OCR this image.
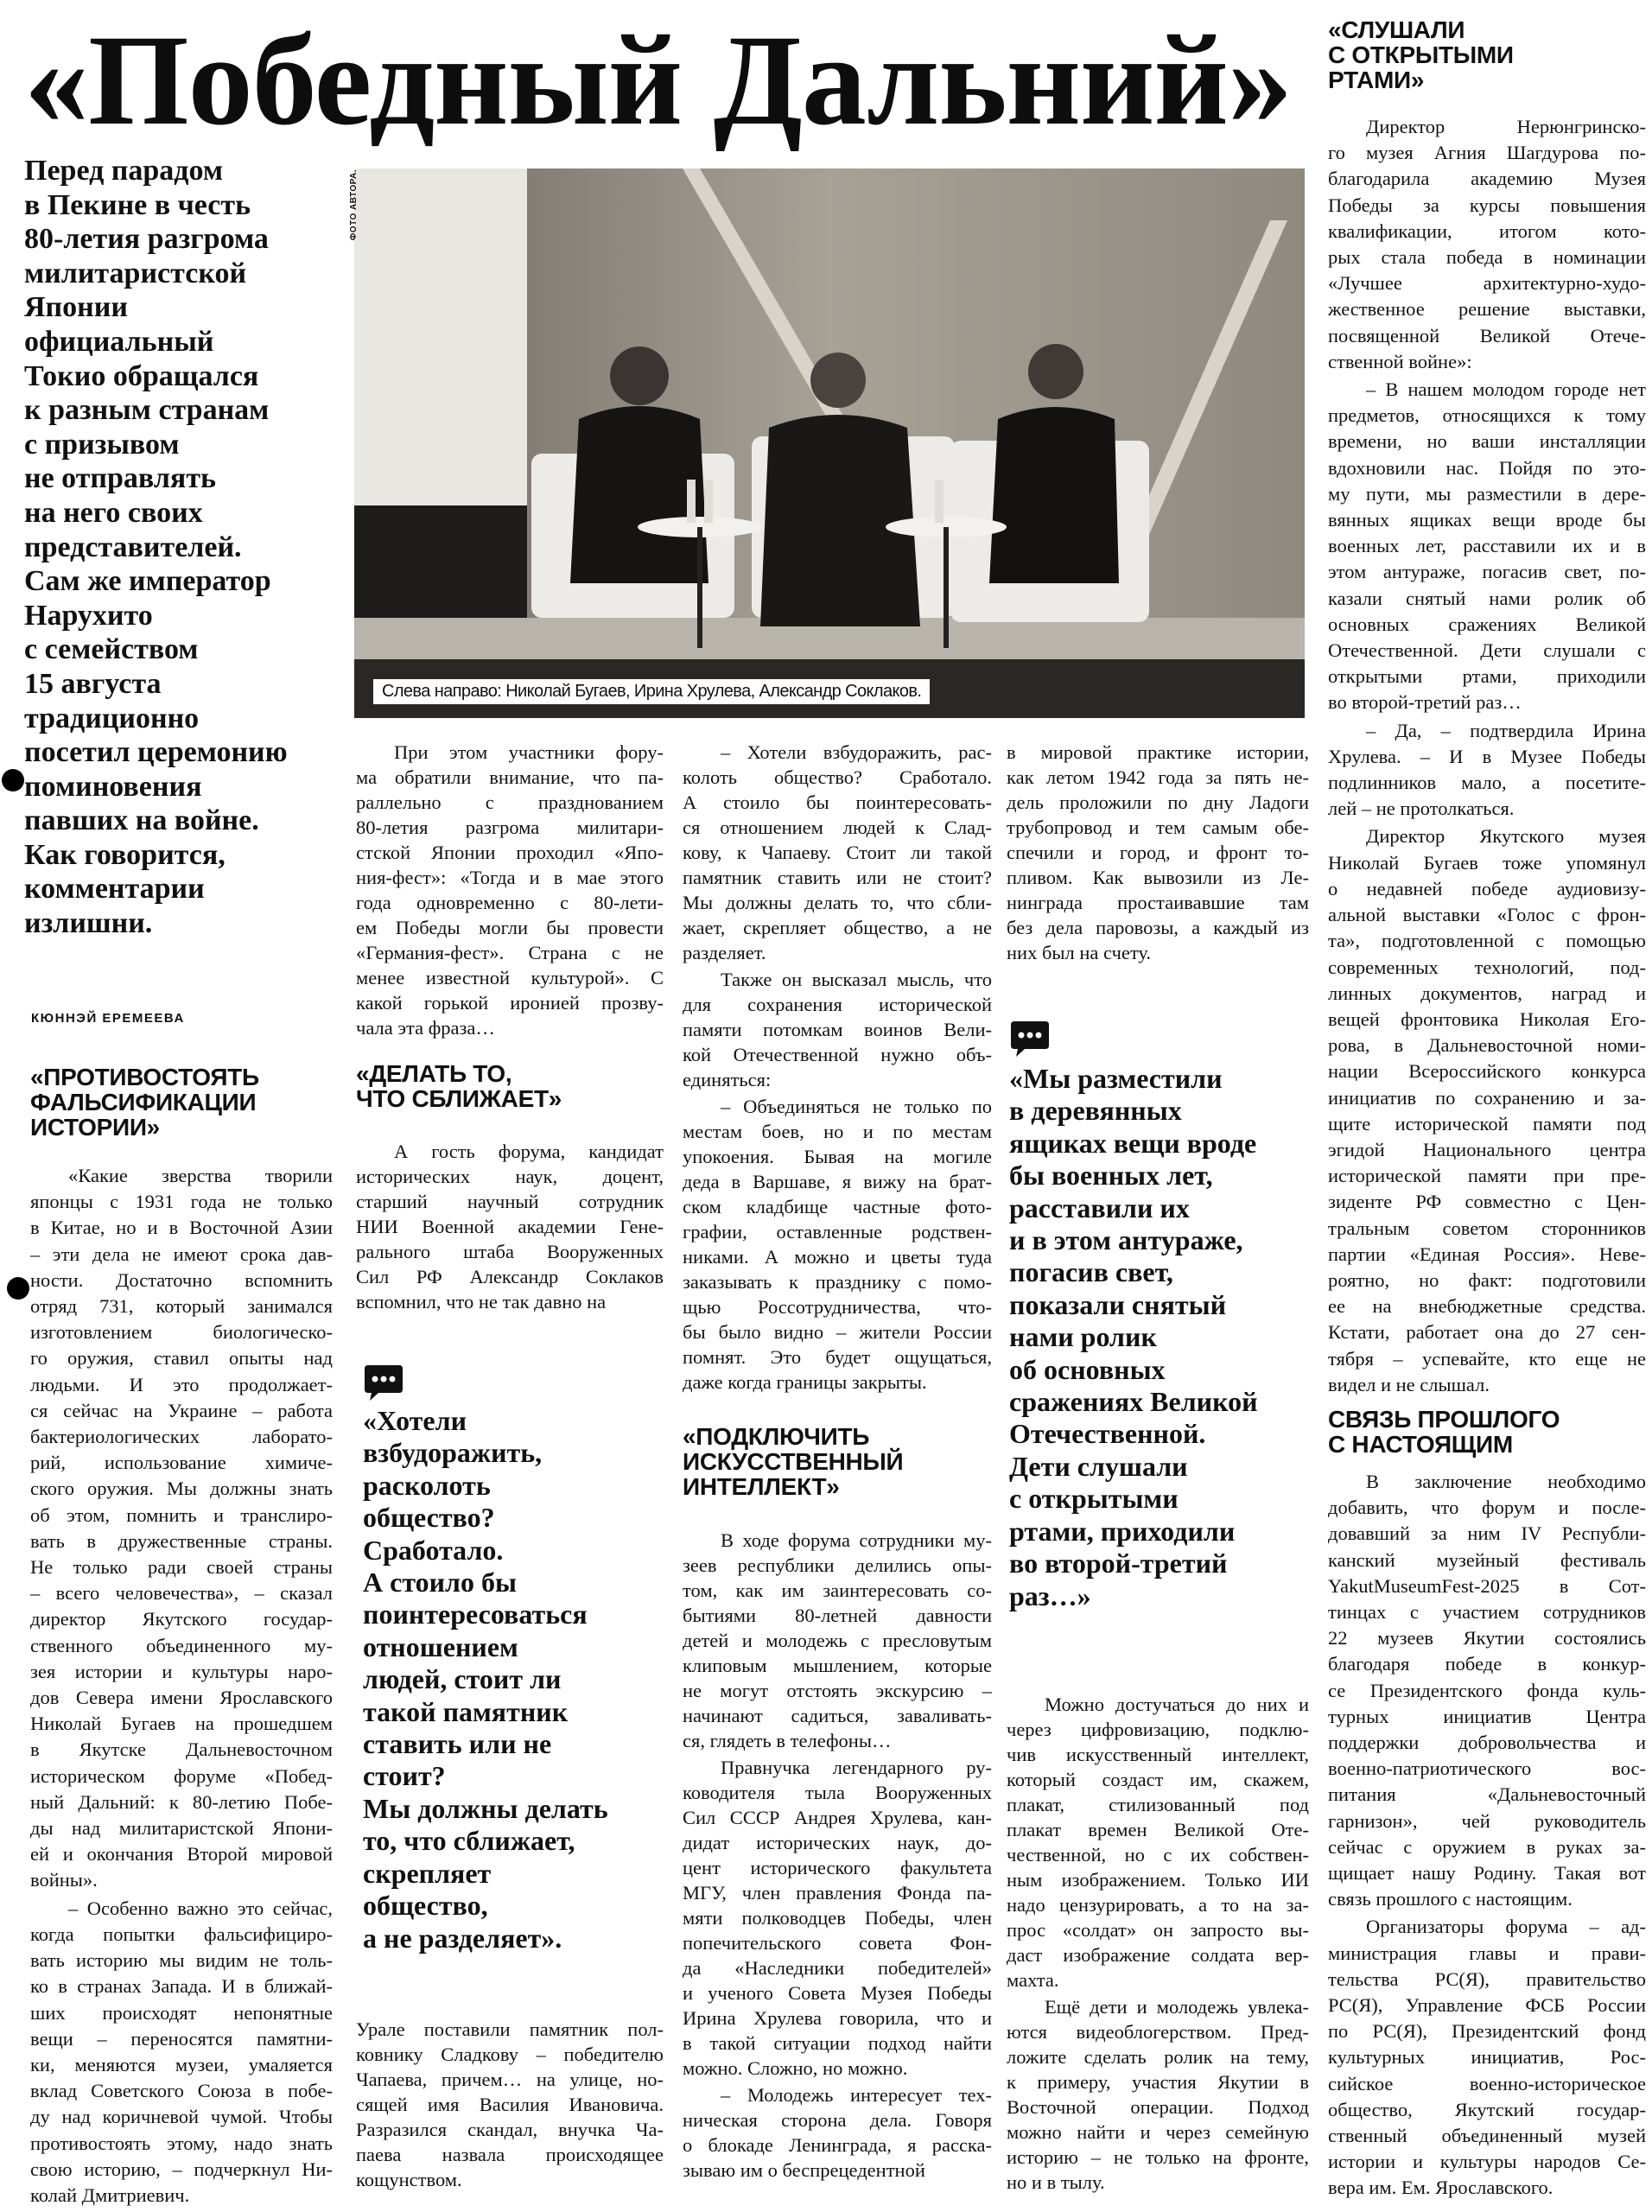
«Победный Дальний»
Перед парадом
в Пекине в честь
80-летия разгрома
милитаристской
Японии
официальный
Токио обращался
к разным странам
с призывом
не отправлять
на него своих
представителей.
Сам же император
Нарухито
с семейством
15 августа
традиционно
посетил церемонию
поминовения
павших на войне.
Как говорится,
комментарии
излишни.
КЮННЭЙ ЕРЕМЕЕВА
ФОТО АВТОРА.
Слева направо: Николай Бугаев, Ирина Хрулева, Александр Соклаков.
«ПРОТИВОСТОЯТЬ
ФАЛЬСИФИКАЦИИ
ИСТОРИИ»
«Какие зверства творили
японцы с 1931 года не только
в Китае, но и в Восточной Азии
– эти дела не имеют срока дав-
ности. Достаточно вспомнить
отряд 731, который занимался
изготовлением биологическо-
го оружия, ставил опыты над
людьми. И это продолжает-
ся сейчас на Украине – работа
бактериологических лаборато-
рий, использование химиче-
ского оружия. Мы должны знать
об этом, помнить и транслиро-
вать в дружественные страны.
Не только ради своей страны
– всего человечества», – сказал
директор Якутского государ-
ственного объединенного му-
зея истории и культуры наро-
дов Севера имени Ярославского
Николай Бугаев на прошедшем
в Якутске Дальневосточном
историческом форуме «Побед-
ный Дальний: к 80-летию Побе-
ды над милитаристской Япони-
ей и окончания Второй мировой
войны».
– Особенно важно это сейчас,
когда попытки фальсифициро-
вать историю мы видим не толь-
ко в странах Запада. И в ближай-
ших происходят непонятные
вещи – переносятся памятни-
ки, меняются музеи, умаляется
вклад Советского Союза в побе-
ду над коричневой чумой. Чтобы
противостоять этому, надо знать
свою историю, – подчеркнул Ни-
колай Дмитриевич.
При этом участники фору-
ма обратили внимание, что па-
раллельно с празднованием
80-летия разгрома милитари-
стской Японии проходил «Япо-
ния-фест»: «Тогда и в мае этого
года одновременно с 80-лети-
ем Победы могли бы провести
«Германия-фест». Страна с не
менее известной культурой». С
какой горькой иронией прозву-
чала эта фраза…
«ДЕЛАТЬ ТО,
ЧТО СБЛИЖАЕТ»
А гость форума, кандидат
исторических наук, доцент,
старший научный сотрудник
НИИ Военной академии Гене-
рального штаба Вооруженных
Сил РФ Александр Соклаков
вспомнил, что не так давно на
«Хотели
взбудоражить,
расколоть
общество?
Сработало.
А стоило бы
поинтересоваться
отношением
людей, стоит ли
такой памятник
ставить или не
стоит?
Мы должны делать
то, что сближает,
скрепляет
общество,
а не разделяет».
Урале поставили памятник пол-
ковнику Сладкову – победителю
Чапаева, причем… на улице, но-
сящей имя Василия Ивановича.
Разразился скандал, внучка Ча-
паева назвала происходящее
кощунством.
– Хотели взбудоражить, рас-
колоть общество? Сработало.
А стоило бы поинтересовать-
ся отношением людей к Слад-
кову, к Чапаеву. Стоит ли такой
памятник ставить или не стоит?
Мы должны делать то, что сбли-
жает, скрепляет общество, а не
разделяет.
Также он высказал мысль, что
для сохранения исторической
памяти потомкам воинов Вели-
кой Отечественной нужно объ-
единяться:
– Объединяться не только по
местам боев, но и по местам
упокоения. Бывая на могиле
деда в Варшаве, я вижу на брат-
ском кладбище частные фото-
графии, оставленные родствен-
никами. А можно и цветы туда
заказывать к празднику с помо-
щью Россотрудничества, что-
бы было видно – жители России
помнят. Это будет ощущаться,
даже когда границы закрыты.
«ПОДКЛЮЧИТЬ
ИСКУССТВЕННЫЙ
ИНТЕЛЛЕКТ»
В ходе форума сотрудники му-
зеев республики делились опы-
том, как им заинтересовать со-
бытиями 80-летней давности
детей и молодежь с пресловутым
клиповым мышлением, которые
не могут отстоять экскурсию –
начинают садиться, заваливать-
ся, глядеть в телефоны…
Правнучка легендарного ру-
ководителя тыла Вооруженных
Сил СССР Андрея Хрулева, кан-
дидат исторических наук, до-
цент исторического факультета
МГУ, член правления Фонда па-
мяти полководцев Победы, член
попечительского совета Фон-
да «Наследники победителей»
и ученого Совета Музея Победы
Ирина Хрулева говорила, что и
в такой ситуации подход найти
можно. Сложно, но можно.
– Молодежь интересует тех-
ническая сторона дела. Говоря
о блокаде Ленинграда, я расска-
зываю им о беспрецедентной
в мировой практике истории,
как летом 1942 года за пять не-
дель проложили по дну Ладоги
трубопровод и тем самым обе-
спечили и город, и фронт то-
пливом. Как вывозили из Ле-
нинграда простаивавшие там
без дела паровозы, а каждый из
них был на счету.
«Мы разместили
в деревянных
ящиках вещи вроде
бы военных лет,
расставили их
и в этом антураже,
погасив свет,
показали снятый
нами ролик
об основных
сражениях Великой
Отечественной.
Дети слушали
с открытыми
ртами, приходили
во второй-третий
раз…»
Можно достучаться до них и
через цифровизацию, подклю-
чив искусственный интеллект,
который создаст им, скажем,
плакат, стилизованный под
плакат времен Великой Оте-
чественной, но с их собствен-
ным изображением. Только ИИ
надо цензурировать, а то на за-
прос «солдат» он запросто вы-
даст изображение солдата вер-
махта.
Ещё дети и молодежь увлека-
ются видеоблогерством. Пред-
ложите сделать ролик на тему,
к примеру, участия Якутии в
Восточной операции. Подход
можно найти и через семейную
историю – не только на фронте,
но и в тылу.
«СЛУШАЛИ
С ОТКРЫТЫМИ
РТАМИ»
Директор Нерюнгринско-
го музея Агния Шагдурова по-
благодарила академию Музея
Победы за курсы повышения
квалификации, итогом кото-
рых стала победа в номинации
«Лучшее архитектурно-худо-
жественное решение выставки,
посвященной Великой Отече-
ственной войне»:
– В нашем молодом городе нет
предметов, относящихся к тому
времени, но ваши инсталляции
вдохновили нас. Пойдя по это-
му пути, мы разместили в дере-
вянных ящиках вещи вроде бы
военных лет, расставили их и в
этом антураже, погасив свет, по-
казали снятый нами ролик об
основных сражениях Великой
Отечественной. Дети слушали с
открытыми ртами, приходили
во второй-третий раз…
– Да, – подтвердила Ирина
Хрулева. – И в Музее Победы
подлинников мало, а посетите-
лей – не протолкаться.
Директор Якутского музея
Николай Бугаев тоже упомянул
о недавней победе аудиовизу-
альной выставки «Голос с фрон-
та», подготовленной с помощью
современных технологий, под-
линных документов, наград и
вещей фронтовика Николая Его-
рова, в Дальневосточной номи-
нации Всероссийского конкурса
инициатив по сохранению и за-
щите исторической памяти под
эгидой Национального центра
исторической памяти при пре-
зиденте РФ совместно с Цен-
тральным советом сторонников
партии «Единая Россия». Неве-
роятно, но факт: подготовили
ее на внебюджетные средства.
Кстати, работает она до 27 сен-
тября – успевайте, кто еще не
видел и не слышал.
СВЯЗЬ ПРОШЛОГО
С НАСТОЯЩИМ
В заключение необходимо
добавить, что форум и после-
довавший за ним IV Республи-
канский музейный фестиваль
YakutMuseumFest-2025 в Сот-
тинцах с участием сотрудников
22 музеев Якутии состоялись
благодаря победе в конкур-
се Президентского фонда куль-
турных инициатив Центра
поддержки добровольчества и
военно-патриотического вос-
питания «Дальневосточный
гарнизон», чей руководитель
сейчас с оружием в руках за-
щищает нашу Родину. Такая вот
связь прошлого с настоящим.
Организаторы форума – ад-
министрация главы и прави-
тельства РС(Я), правительство
РС(Я), Управление ФСБ России
по РС(Я), Президентский фонд
культурных инициатив, Рос-
сийское военно-историческое
общество, Якутский государ-
ственный объединенный музей
истории и культуры народов Се-
вера им. Ем. Ярославского.
